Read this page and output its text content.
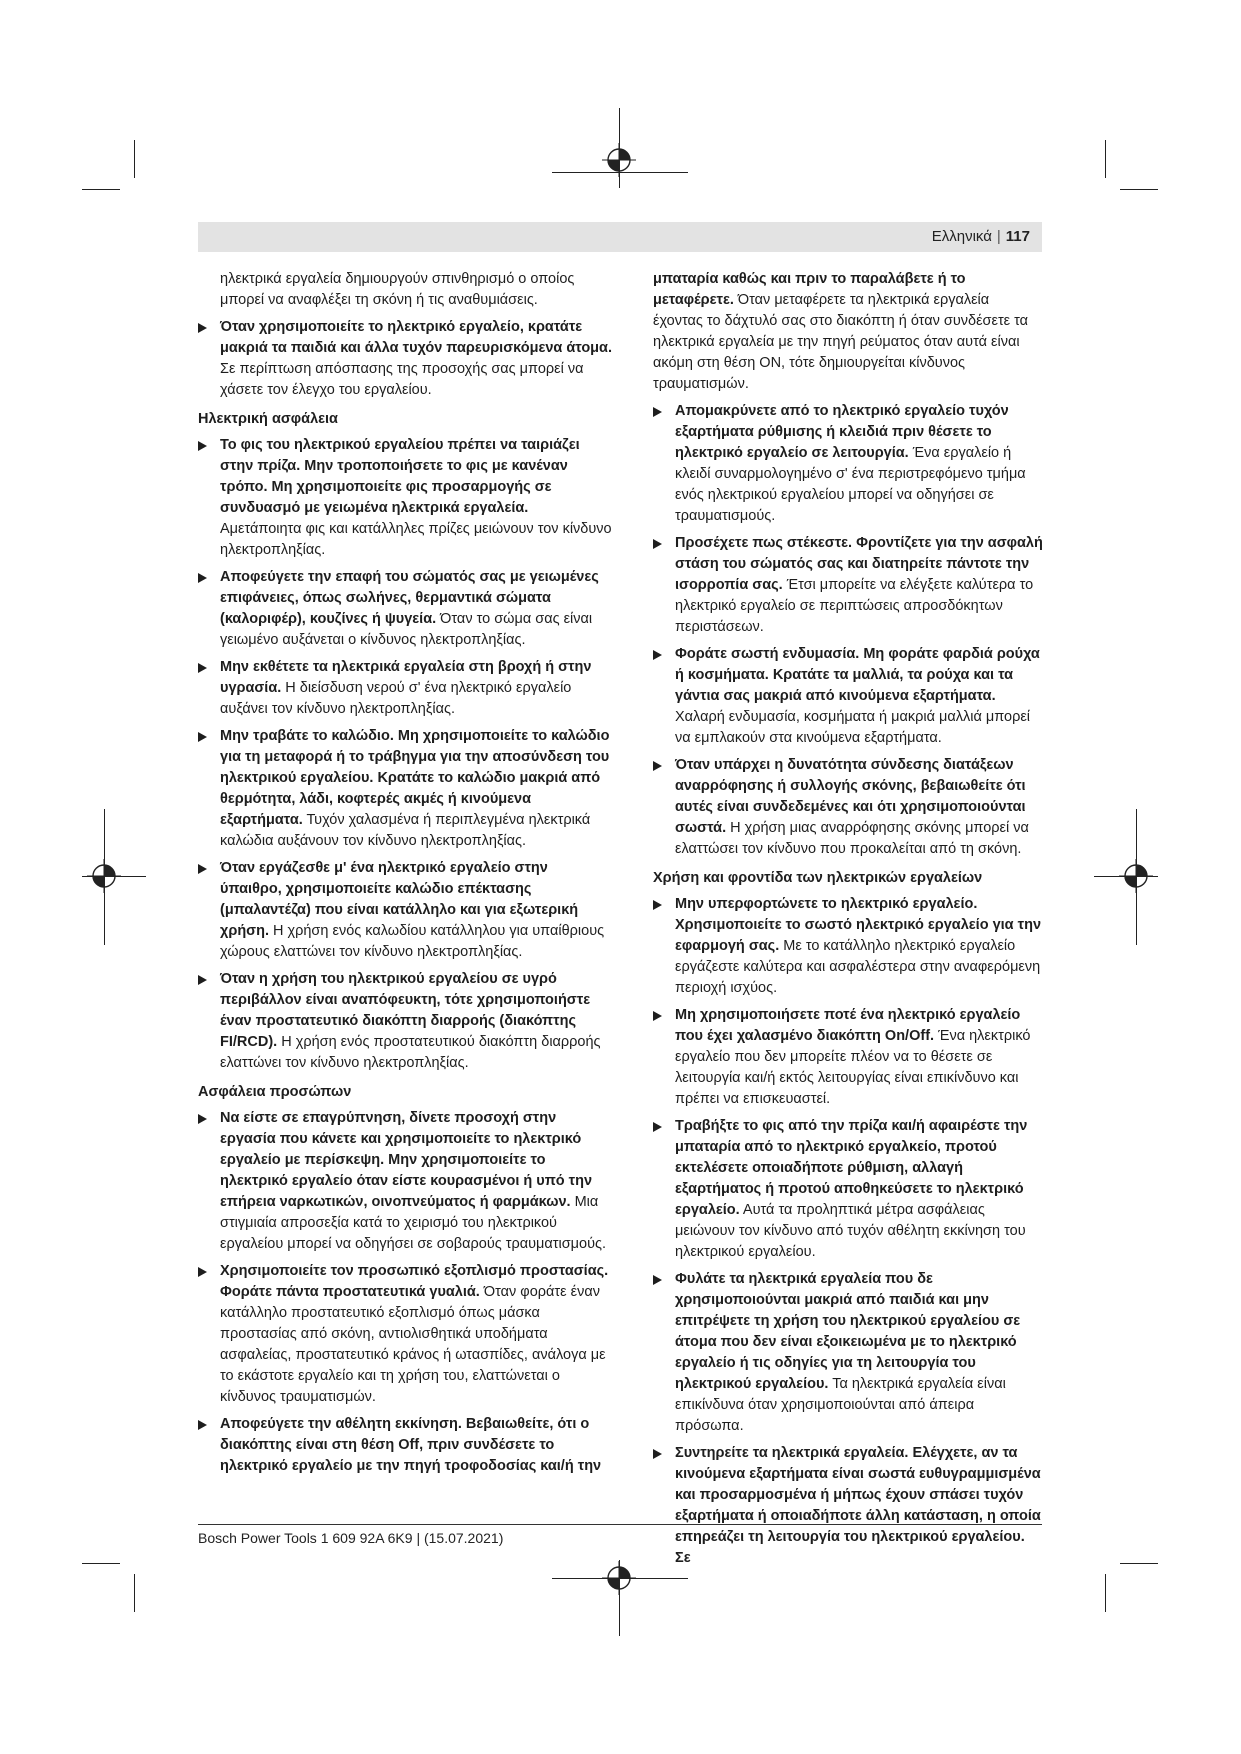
Ελληνικά | 117

ηλεκτρικά εργαλεία δημιουργούν σπινθηρισμό ο οποίος μπορεί να αναφλέξει τη σκόνη ή τις αναθυμιάσεις.

Όταν χρησιμοποιείτε το ηλεκτρικό εργαλείο, κρατάτε μακριά τα παιδιά και άλλα τυχόν παρευρισκόμενα άτομα. Σε περίπτωση απόσπασης της προσοχής σας μπορεί να χάσετε τον έλεγχο του εργαλείου.
Ηλεκτρική ασφάλεια
Το φις του ηλεκτρικού εργαλείου πρέπει να ταιριάζει στην πρίζα. Μην τροποποιήσετε το φις με κανέναν τρόπο. Μη χρησιμοποιείτε φις προσαρμογής σε συνδυασμό με γειωμένα ηλεκτρικά εργαλεία.
Αμετάποιητα φις και κατάλληλες πρίζες μειώνουν τον κίνδυνο ηλεκτροπληξίας.
Αποφεύγετε την επαφή του σώματός σας με γειωμένες επιφάνειες, όπως σωλήνες, θερμαντικά σώματα (καλοριφέρ), κουζίνες ή ψυγεία. Όταν το σώμα σας είναι γειωμένο αυξάνεται ο κίνδυνος ηλεκτροπληξίας.
Μην εκθέτετε τα ηλεκτρικά εργαλεία στη βροχή ή στην υγρασία. Η διείσδυση νερού σ' ένα ηλεκτρικό εργαλείο αυξάνει τον κίνδυνο ηλεκτροπληξίας.
Μην τραβάτε το καλώδιο. Μη χρησιμοποιείτε το καλώδιο για τη μεταφορά ή το τράβηγμα για την αποσύνδεση του ηλεκτρικού εργαλείου. Κρατάτε το καλώδιο μακριά από θερμότητα, λάδι, κοφτερές ακμές ή κινούμενα εξαρτήματα. Τυχόν χαλασμένα ή περιπλεγμένα ηλεκτρικά καλώδια αυξάνουν τον κίνδυνο ηλεκτροπληξίας.
Όταν εργάζεσθε μ' ένα ηλεκτρικό εργαλείο στην ύπαιθρο, χρησιμοποιείτε καλώδιο επέκτασης (μπαλαντέζα) που είναι κατάλληλο και για εξωτερική χρήση. Η χρήση ενός καλωδίου κατάλληλου για υπαίθριους χώρους ελαττώνει τον κίνδυνο ηλεκτροπληξίας.
Όταν η χρήση του ηλεκτρικού εργαλείου σε υγρό περιβάλλον είναι αναπόφευκτη, τότε χρησιμοποιήστε έναν προστατευτικό διακόπτη διαρροής (διακόπτης FI/RCD). Η χρήση ενός προστατευτικού διακόπτη διαρροής ελαττώνει τον κίνδυνο ηλεκτροπληξίας.
Ασφάλεια προσώπων
Να είστε σε επαγρύπνηση, δίνετε προσοχή στην εργασία που κάνετε και χρησιμοποιείτε το ηλεκτρικό εργαλείο με περίσκεψη. Μην χρησιμοποιείτε το ηλεκτρικό εργαλείο όταν είστε κουρασμένοι ή υπό την επήρεια ναρκωτικών, οινοπνεύματος ή φαρμάκων. Μια στιγμιαία απροσεξία κατά το χειρισμό του ηλεκτρικού εργαλείου μπορεί να οδηγήσει σε σοβαρούς τραυματισμούς.
Χρησιμοποιείτε τον προσωπικό εξοπλισμό προστασίας. Φοράτε πάντα προστατευτικά γυαλιά. Όταν φοράτε έναν κατάλληλο προστατευτικό εξοπλισμό όπως μάσκα προστασίας από σκόνη, αντιολισθητικά υποδήματα ασφαλείας, προστατευτικό κράνος ή ωτασπίδες, ανάλογα με το εκάστοτε εργαλείο και τη χρήση του, ελαττώνεται ο κίνδυνος τραυματισμών.
Αποφεύγετε την αθέλητη εκκίνηση. Βεβαιωθείτε, ότι ο διακόπτης είναι στη θέση Off, πριν συνδέσετε το ηλεκτρικό εργαλείο με την πηγή τροφοδοσίας και/ή την

μπαταρία καθώς και πριν το παραλάβετε ή το μεταφέρετε. Όταν μεταφέρετε τα ηλεκτρικά εργαλεία έχοντας το δάχτυλό σας στο διακόπτη ή όταν συνδέσετε τα ηλεκτρικά εργαλεία με την πηγή ρεύματος όταν αυτά είναι ακόμη στη θέση ΟΝ, τότε δημιουργείται κίνδυνος τραυματισμών.

Απομακρύνετε από το ηλεκτρικό εργαλείο τυχόν εξαρτήματα ρύθμισης ή κλειδιά πριν θέσετε το ηλεκτρικό εργαλείο σε λειτουργία. Ένα εργαλείο ή κλειδί συναρμολογημένο σ' ένα περιστρεφόμενο τμήμα ενός ηλεκτρικού εργαλείου μπορεί να οδηγήσει σε τραυματισμούς.
Προσέχετε πως στέκεστε. Φροντίζετε για την ασφαλή στάση του σώματός σας και διατηρείτε πάντοτε την ισορροπία σας. Έτσι μπορείτε να ελέγξετε καλύτερα το ηλεκτρικό εργαλείο σε περιπτώσεις απροσδόκητων περιστάσεων.
Φοράτε σωστή ενδυμασία. Μη φοράτε φαρδιά ρούχα ή κοσμήματα. Κρατάτε τα μαλλιά, τα ρούχα και τα γάντια σας μακριά από κινούμενα εξαρτήματα. Χαλαρή ενδυμασία, κοσμήματα ή μακριά μαλλιά μπορεί να εμπλακούν στα κινούμενα εξαρτήματα.
Όταν υπάρχει η δυνατότητα σύνδεσης διατάξεων αναρρόφησης ή συλλογής σκόνης, βεβαιωθείτε ότι αυτές είναι συνδεδεμένες και ότι χρησιμοποιούνται σωστά. Η χρήση μιας αναρρόφησης σκόνης μπορεί να ελαττώσει τον κίνδυνο που προκαλείται από τη σκόνη.
Χρήση και φροντίδα των ηλεκτρικών εργαλείων
Μην υπερφορτώνετε το ηλεκτρικό εργαλείο. Χρησιμοποιείτε το σωστό ηλεκτρικό εργαλείο για την εφαρμογή σας. Με το κατάλληλο ηλεκτρικό εργαλείο εργάζεστε καλύτερα και ασφαλέστερα στην αναφερόμενη περιοχή ισχύος.
Μη χρησιμοποιήσετε ποτέ ένα ηλεκτρικό εργαλείο που έχει χαλασμένο διακόπτη On/Off. Ένα ηλεκτρικό εργαλείο που δεν μπορείτε πλέον να το θέσετε σε λειτουργία και/ή εκτός λειτουργίας είναι επικίνδυνο και πρέπει να επισκευαστεί.
Τραβήξτε το φις από την πρίζα και/ή αφαιρέστε την μπαταρία από το ηλεκτρικό εργαλκείο, προτού εκτελέσετε οποιαδήποτε ρύθμιση, αλλαγή εξαρτήματος ή προτού αποθηκεύσετε το ηλεκτρικό εργαλείο. Αυτά τα προληπτικά μέτρα ασφάλειας μειώνουν τον κίνδυνο από τυχόν αθέλητη εκκίνηση του ηλεκτρικού εργαλείου.
Φυλάτε τα ηλεκτρικά εργαλεία που δε χρησιμοποιούνται μακριά από παιδιά και μην επιτρέψετε τη χρήση του ηλεκτρικού εργαλείου σε άτομα που δεν είναι εξοικειωμένα με το ηλεκτρικό εργαλείο ή τις οδηγίες για τη λειτουργία του ηλεκτρικού εργαλείου. Τα ηλεκτρικά εργαλεία είναι επικίνδυνα όταν χρησιμοποιούνται από άπειρα πρόσωπα.
Συντηρείτε τα ηλεκτρικά εργαλεία. Ελέγχετε, αν τα κινούμενα εξαρτήματα είναι σωστά ευθυγραμμισμένα και προσαρμοσμένα ή μήπως έχουν σπάσει τυχόν εξαρτήματα ή οποιαδήποτε άλλη κατάσταση, η οποία επηρεάζει τη λειτουργία του ηλεκτρικού εργαλείου. Σε
Bosch Power Tools 1 609 92A 6K9 | (15.07.2021)
